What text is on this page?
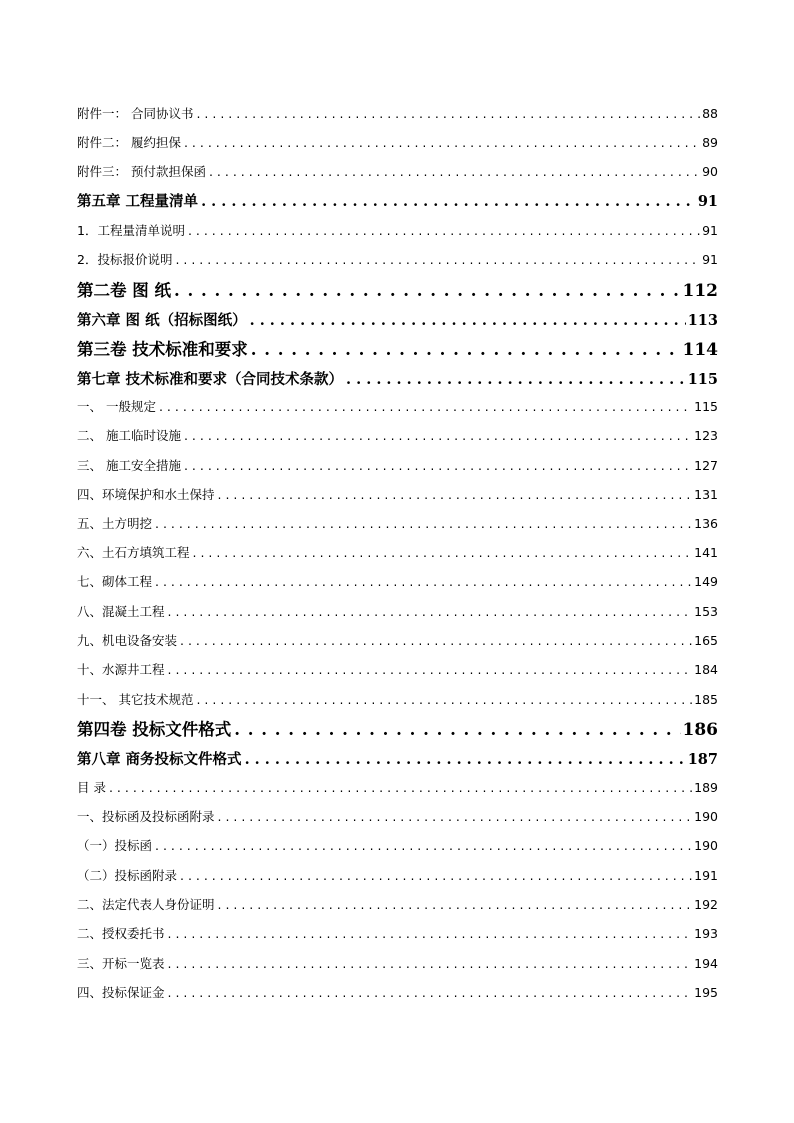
附件一： 合同协议书 . . .	88
附件二： 履约担保 . . .	89
附件三： 预付款担保函 . . .	90
第五章 工程量清单 . . .	91
1．工程量清单说明 . . .	91
2．投标报价说明 . . .	91
第二卷 图 纸 . . .	112
第六章 图 纸（招标图纸） . . .	113
第三卷 技术标准和要求 . . .	114
第七章 技术标准和要求（合同技术条款） . . .	115
一、 一般规定 . . .	115
二、 施工临时设施 . . .	123
三、 施工安全措施 . . .	127
四、环境保护和水土保持 . . .	131
五、土方明挖 . . .	136
六、土石方填筑工程 . . .	141
七、砌体工程 . . .	149
八、混凝土工程 . . .	153
九、机电设备安装 . . .	165
十、水源井工程 . . .	184
十一、 其它技术规范 . . .	185
第四卷 投标文件格式 . . .	186
第八章 商务投标文件格式 . . .	187
目 录 . . .	189
一、投标函及投标函附录 . . .	190
（一）投标函 . . .	190
（二）投标函附录 . . .	191
二、法定代表人身份证明 . . .	192
二、授权委托书 . . .	193
三、开标一览表 . . .	194
四、投标保证金 . . .	195
